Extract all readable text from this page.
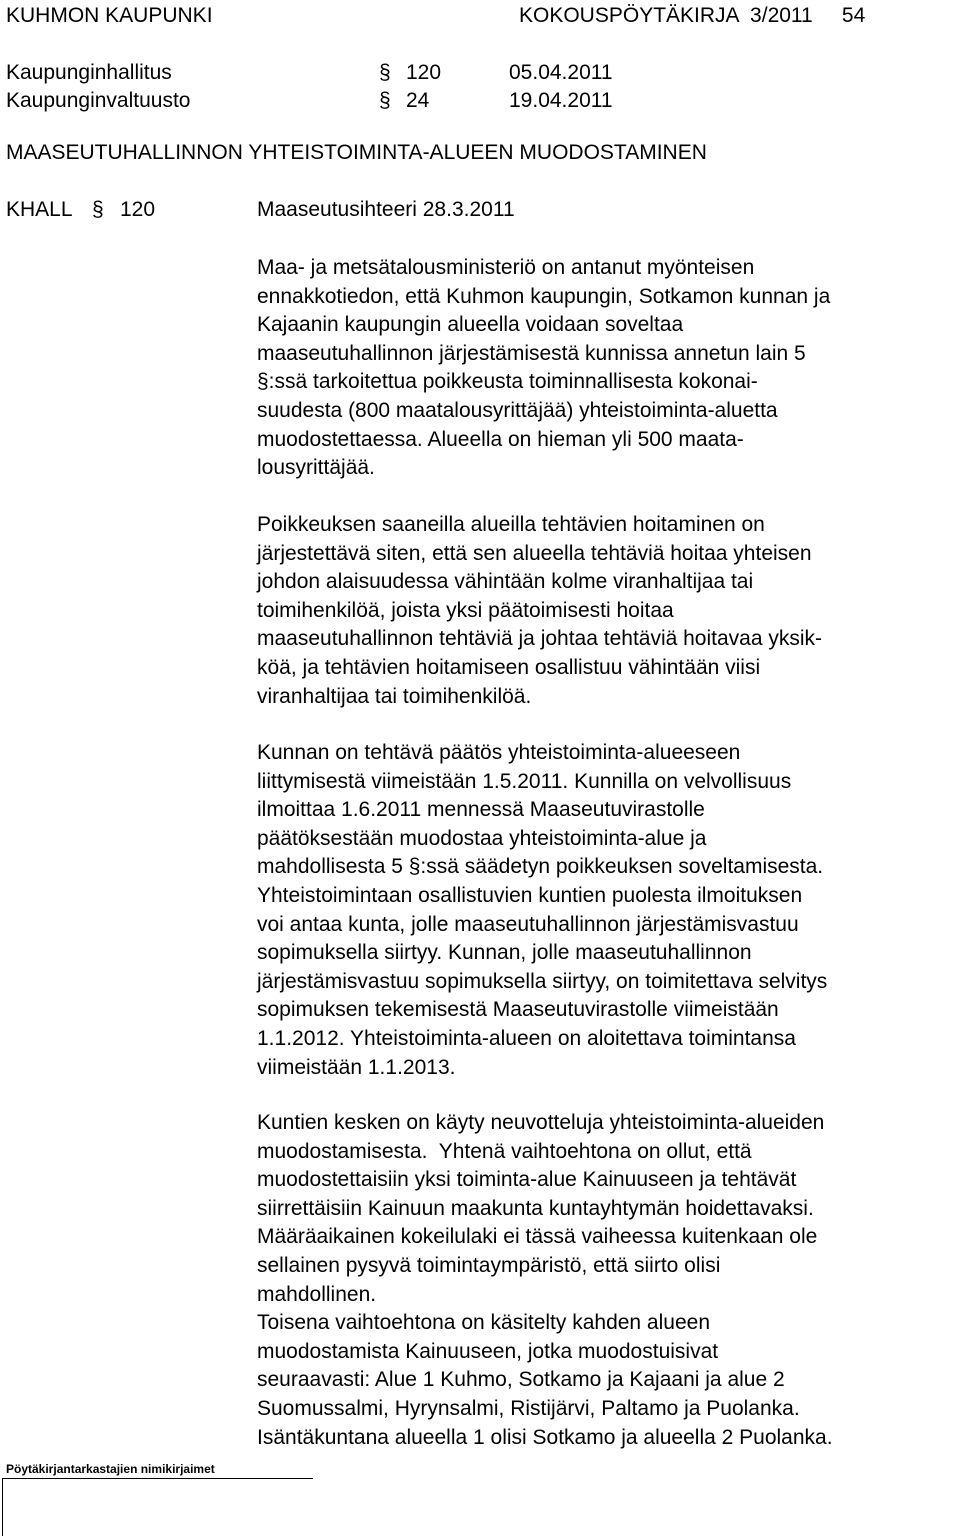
KUHMON KAUPUNKI	KOKOUSPÖYTÄKIRJA  3/2011     54
Kaupunginhallitus	§ 120	05.04.2011
Kaupunginvaltuusto	§ 24	19.04.2011
MAASEUTUHALLINNON YHTEISTOIMINTA-ALUEEN MUODOSTAMINEN
KHALL § 120	Maaseutusihteeri 28.3.2011
Maa- ja metsätalousministeriö on antanut myönteisen
ennakkotiedon, että Kuhmon kaupungin, Sotkamon kunnan ja
Kajaanin kaupungin alueella voidaan soveltaa
maaseutuhallinnon järjestämisestä kunnissa annetun lain 5
§:ssä tarkoitettua poikkeusta toiminnallisesta kokonai-
suudesta (800 maatalousyrittäjää) yhteistoiminta-aluetta
muodostettaessa. Alueella on hieman yli 500 maata-
lousyrittäjää.
Poikkeuksen saaneilla alueilla tehtävien hoitaminen on
järjestettävä siten, että sen alueella tehtäviä hoitaa yhteisen
johdon alaisuudessa vähintään kolme viranhaltijaa tai
toimihenkilöä, joista yksi päätoimisesti hoitaa
maaseutuhallinnon tehtäviä ja johtaa tehtäviä hoitavaa yksik-
köä, ja tehtävien hoitamiseen osallistuu vähintään viisi
viranhaltijaa tai toimihenkilöä.
Kunnan on tehtävä päätös yhteistoiminta-alueeseen
liittymisestä viimeistään 1.5.2011. Kunnilla on velvollisuus
ilmoittaa 1.6.2011 mennessä Maaseutuvirastolle
päätöksestään muodostaa yhteistoiminta-alue ja
mahdollisesta 5 §:ssä säädetyn poikkeuksen soveltamisesta.
Yhteistoimintaan osallistuvien kuntien puolesta ilmoituksen
voi antaa kunta, jolle maaseutuhallinnon järjestämisvastuu
sopimuksella siirtyy. Kunnan, jolle maaseutuhallinnon
järjestämisvastuu sopimuksella siirtyy, on toimitettava selvitys
sopimuksen tekemisestä Maaseutuvirastolle viimeistään
1.1.2012. Yhteistoiminta-alueen on aloitettava toimintansa
viimeistään 1.1.2013.
Kuntien kesken on käyty neuvotteluja yhteistoiminta-alueiden
muodostamisesta.  Yhtenä vaihtoehtona on ollut, että
muodostettaisiin yksi toiminta-alue Kainuuseen ja tehtävät
siirrettäisiin Kainuun maakunta kuntayhtymän hoidettavaksi.
Määräaikainen kokeilulaki ei tässä vaiheessa kuitenkaan ole
sellainen pysyvä toimintaympäristö, että siirto olisi
mahdollinen.
Toisena vaihtoehtona on käsitelty kahden alueen
muodostamista Kainuuseen, jotka muodostuisivat
seuraavasti: Alue 1 Kuhmo, Sotkamo ja Kajaani ja alue 2
Suomussalmi, Hyrynsalmi, Ristijärvi, Paltamo ja Puolanka.
Isäntäkuntana alueella 1 olisi Sotkamo ja alueella 2 Puolanka.
Pöytäkirjantarkastajien nimikirjaimet
